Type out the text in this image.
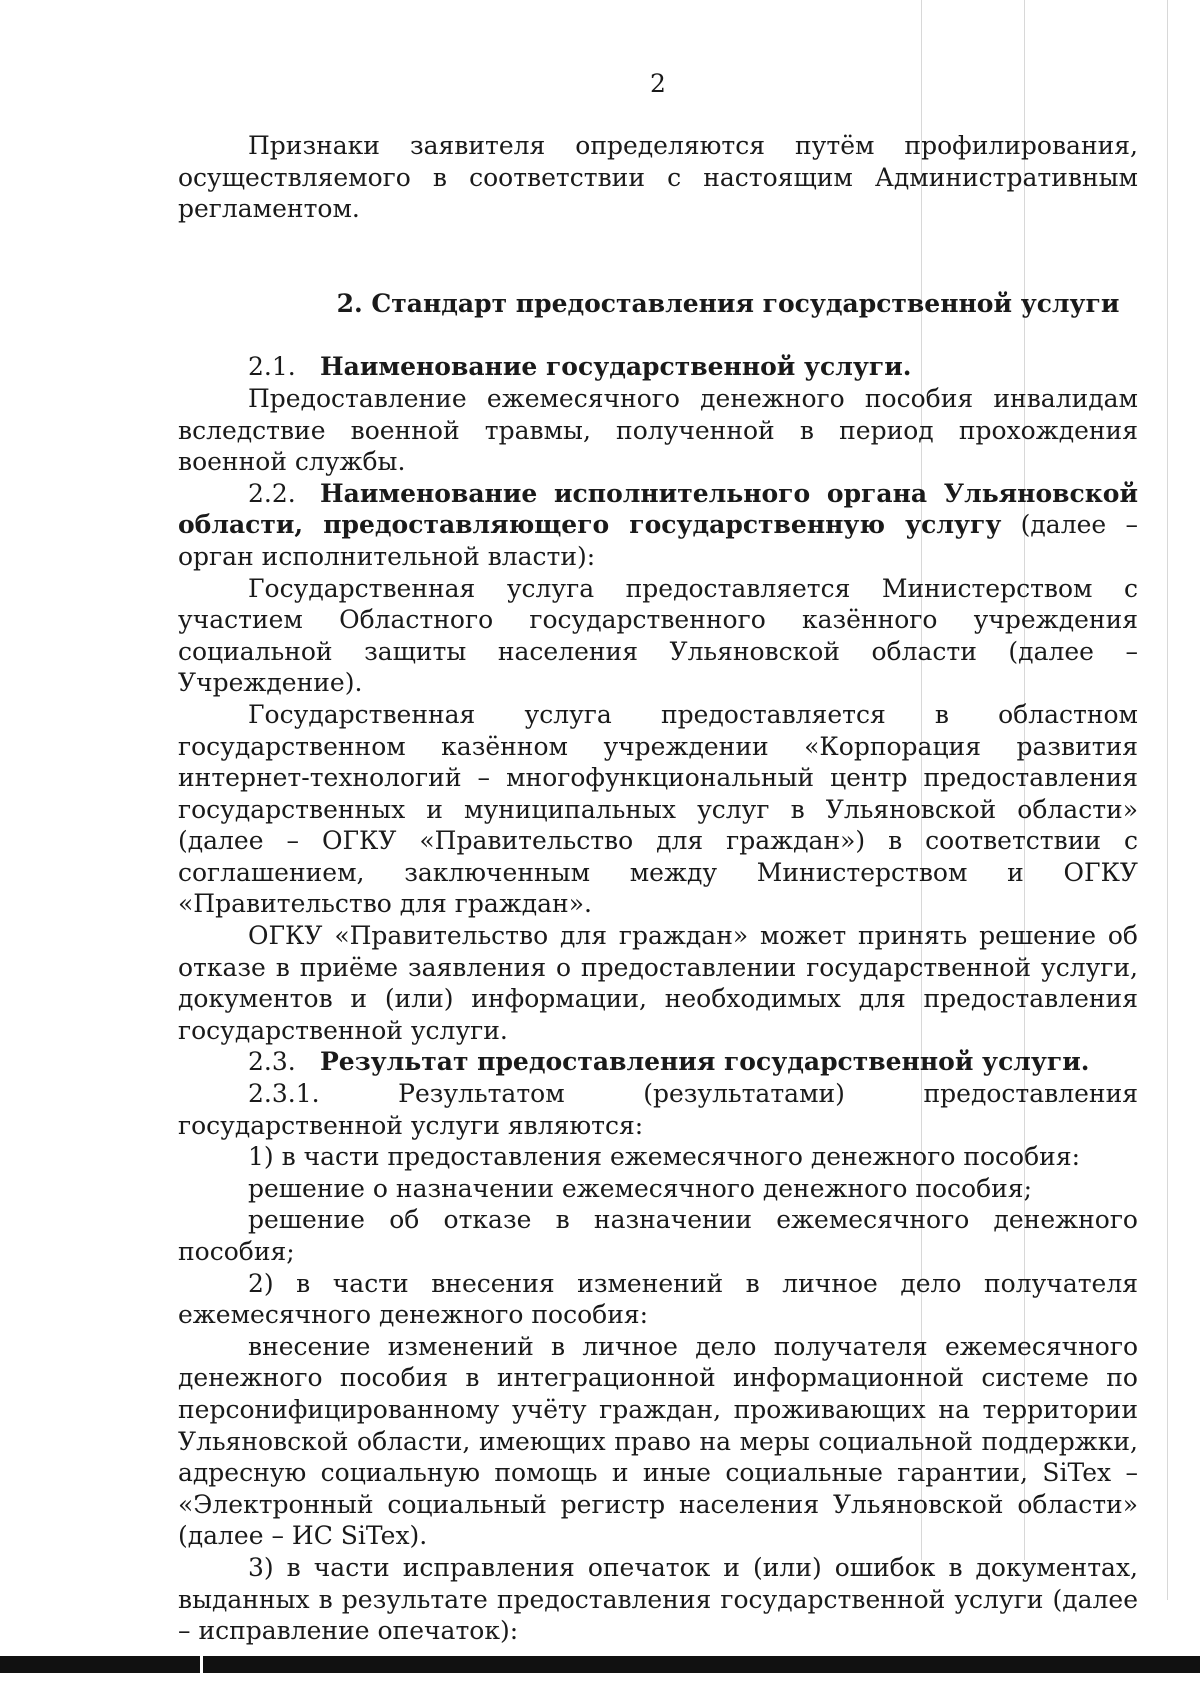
2

Признаки заявителя определяются путём профилирования, осуществляемого в соответствии с настоящим Административным регламентом.

2. Стандарт предоставления государственной услуги

2.1. Наименование государственной услуги.

Предоставление ежемесячного денежного пособия инвалидам вследствие военной травмы, полученной в период прохождения военной службы.

2.2. Наименование исполнительного органа Ульяновской области, предоставляющего государственную услугу (далее – орган исполнительной власти):

Государственная услуга предоставляется Министерством с участием Областного государственного казённого учреждения социальной защиты населения Ульяновской области (далее – Учреждение).

Государственная услуга предоставляется в областном государственном казённом учреждении «Корпорация развития интернет-технологий – многофункциональный центр предоставления государственных и муниципальных услуг в Ульяновской области» (далее – ОГКУ «Правительство для граждан») в соответствии с соглашением, заключенным между Министерством и ОГКУ «Правительство для граждан».

ОГКУ «Правительство для граждан» может принять решение об отказе в приёме заявления о предоставлении государственной услуги, документов и (или) информации, необходимых для предоставления государственной услуги.

2.3. Результат предоставления государственной услуги.

2.3.1. Результатом (результатами) предоставления государственной услуги являются:

1) в части предоставления ежемесячного денежного пособия:

решение о назначении ежемесячного денежного пособия;

решение об отказе в назначении ежемесячного денежного пособия;

2) в части внесения изменений в личное дело получателя ежемесячного денежного пособия:

внесение изменений в личное дело получателя ежемесячного денежного пособия в интеграционной информационной системе по персонифицированному учёту граждан, проживающих на территории Ульяновской области, имеющих право на меры социальной поддержки, адресную социальную помощь и иные социальные гарантии, SiTex – «Электронный социальный регистр населения Ульяновской области» (далее – ИС SiTex).

3) в части исправления опечаток и (или) ошибок в документах, выданных в результате предоставления государственной услуги (далее – исправление опечаток):
